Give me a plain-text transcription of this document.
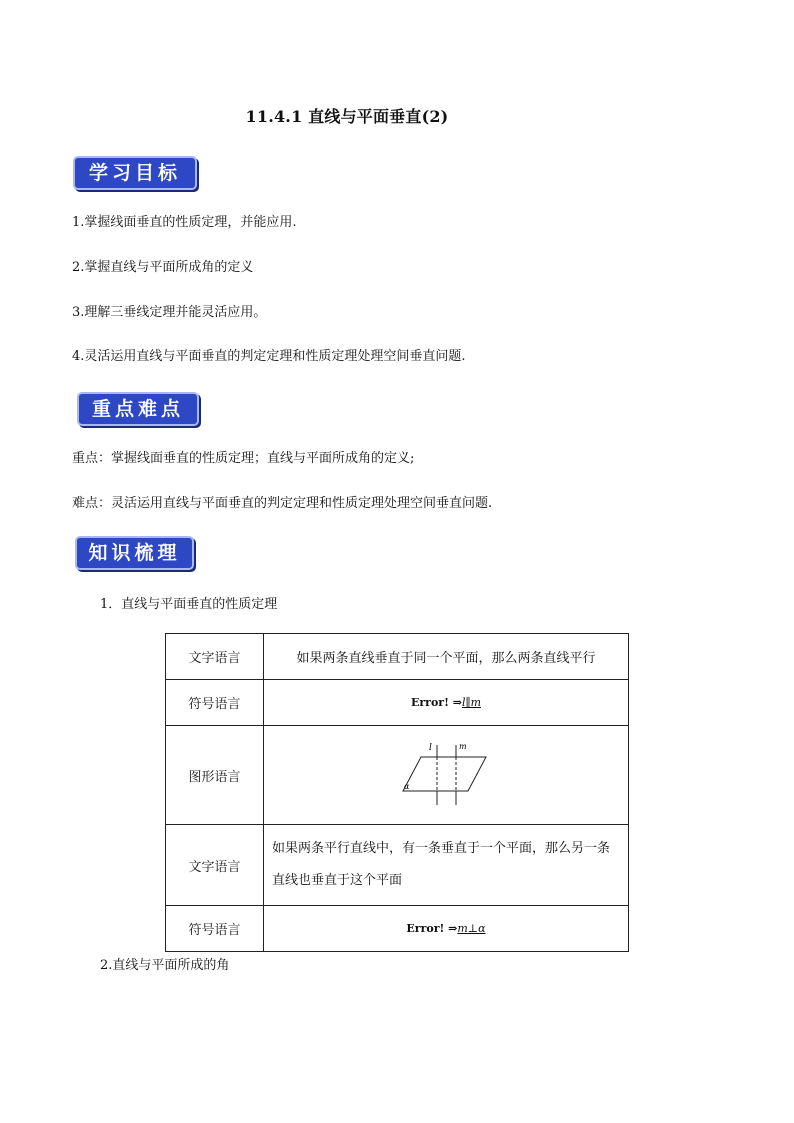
11.4.1 直线与平面垂直(2)
学习目标
1.掌握线面垂直的性质定理，并能应用.
2.掌握直线与平面所成角的定义
3.理解三垂线定理并能灵活应用。
4.灵活运用直线与平面垂直的判定定理和性质定理处理空间垂直问题.
重点难点
重点：掌握线面垂直的性质定理；直线与平面所成角的定义;
难点：灵活运用直线与平面垂直的判定定理和性质定理处理空间垂直问题.
知识梳理
1．直线与平面垂直的性质定理
文字语言	如果两条直线垂直于同一个平面，那么两条直线平行
符号语言	Error! ⇒l∥m
图形语言	l m
α

文字语言	如果两条平行直线中，有一条垂直于一个平面，那么另一条直线也垂直于这个平面
符号语言	Error! ⇒m⊥α
2.直线与平面所成的角
